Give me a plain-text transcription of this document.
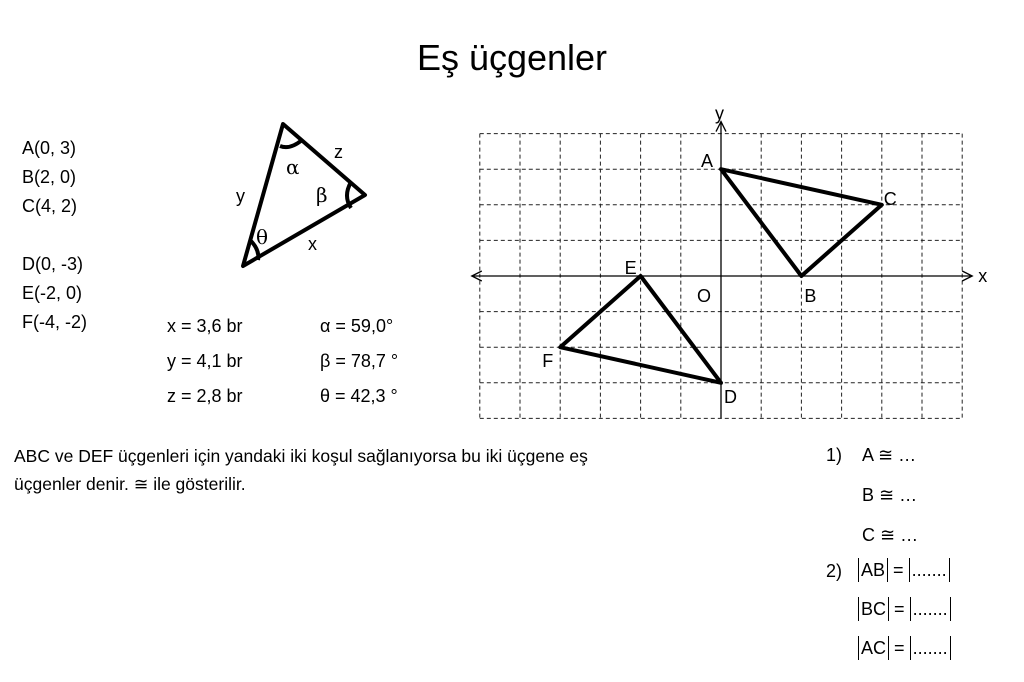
Eş üçgenler
A(0, 3)
B(2, 0)
C(4, 2)
D(0, -3)
E(-2, 0)
F(-4, -2)
z
y
x
α
β
θ
x = 3,6 br
y = 4,1 br
z = 2,8 br
α = 59,0°
β = 78,7 °
θ = 42,3 °
x
y
O
A
B
C
D
E
F
ABC ve DEF üçgenleri için yandaki iki koşul sağlanıyorsa bu iki üçgene eş
üçgenler denir. ≅ ile gösterilir.
1) A ≅ …
B ≅ …
C ≅ …
2) AB = .......
BC = .......
AC = .......
